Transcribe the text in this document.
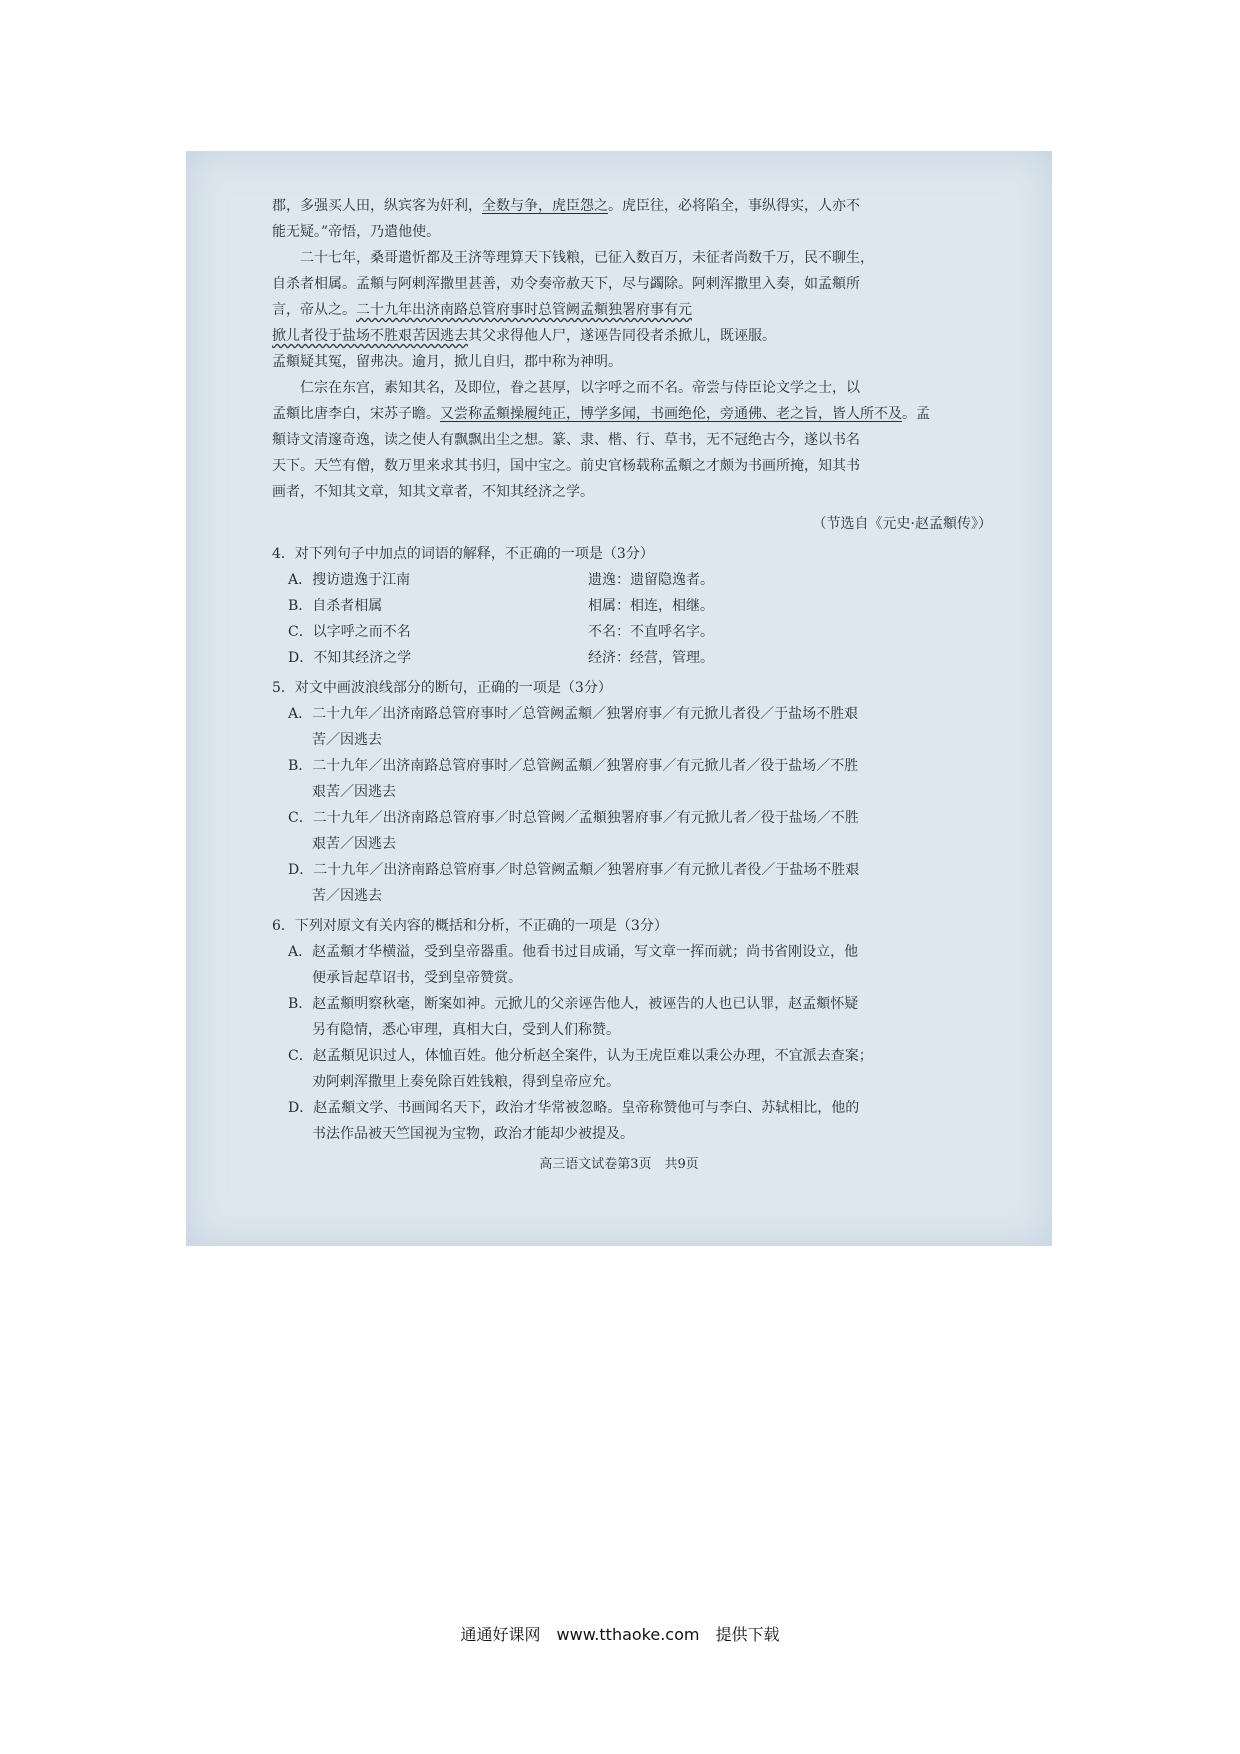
郡，多强买人田，纵宾客为奸利，全数与争，虎臣怨之。虎臣往，必将陷全，事纵得实，人亦不

能无疑。”帝悟，乃遣他使。

二十七年，桑哥遣忻都及王济等理算天下钱粮，已征入数百万，未征者尚数千万，民不聊生，

自杀者相属。孟頫与阿剌浑撒里甚善，劝令奏帝赦天下，尽与蠲除。阿剌浑撒里入奏，如孟頫所

言，帝从之。二十九年出济南路总管府事时总管阙孟頫独署府事有元

掀儿者役于盐场不胜艰苦因逃去其父求得他人尸，遂诬告同役者杀掀儿，既诬服。

孟頫疑其冤，留弗决。逾月，掀儿自归，郡中称为神明。

仁宗在东宫，素知其名，及即位，眷之甚厚，以字呼之而不名。帝尝与侍臣论文学之士，以

孟頫比唐李白，宋苏子瞻。又尝称孟頫操履纯正，博学多闻，书画绝伦，旁通佛、老之旨，皆人所不及。孟

頫诗文清邃奇逸，读之使人有飘飘出尘之想。篆、隶、楷、行、草书，无不冠绝古今，遂以书名

天下。天竺有僧，数万里来求其书归，国中宝之。前史官杨载称孟頫之才颇为书画所掩，知其书

画者，不知其文章，知其文章者，不知其经济之学。

（节选自《元史·赵孟頫传》）

4．对下列句子中加点的词语的解释，不正确的一项是（3分）
A．搜访遗逸于江南	遗逸：遗留隐逸者。
B．自杀者相属	相属：相连，相继。
C．以字呼之而不名	不名：不直呼名字。
D．不知其经济之学	经济：经营，管理。
5．对文中画波浪线部分的断句，正确的一项是（3分）
A．二十九年／出济南路总管府事时／总管阙孟頫／独署府事／有元掀儿者役／于盐场不胜艰
苦／因逃去
B．二十九年／出济南路总管府事时／总管阙孟頫／独署府事／有元掀儿者／役于盐场／不胜
艰苦／因逃去
C．二十九年／出济南路总管府事／时总管阙／孟頫独署府事／有元掀儿者／役于盐场／不胜
艰苦／因逃去
D．二十九年／出济南路总管府事／时总管阙孟頫／独署府事／有元掀儿者役／于盐场不胜艰
苦／因逃去
6．下列对原文有关内容的概括和分析，不正确的一项是（3分）
A．赵孟頫才华横溢，受到皇帝器重。他看书过目成诵，写文章一挥而就；尚书省刚设立，他
便承旨起草诏书，受到皇帝赞赏。
B．赵孟頫明察秋毫，断案如神。元掀儿的父亲诬告他人，被诬告的人也已认罪，赵孟頫怀疑
另有隐情，悉心审理，真相大白，受到人们称赞。
C．赵孟頫见识过人，体恤百姓。他分析赵全案件，认为王虎臣难以秉公办理，不宜派去查案；
劝阿剌浑撒里上奏免除百姓钱粮，得到皇帝应允。
D．赵孟頫文学、书画闻名天下，政治才华常被忽略。皇帝称赞他可与李白、苏轼相比，他的
书法作品被天竺国视为宝物，政治才能却少被提及。
高三语文试卷第3页　共9页
通通好课网　www.tthaoke.com　提供下载
